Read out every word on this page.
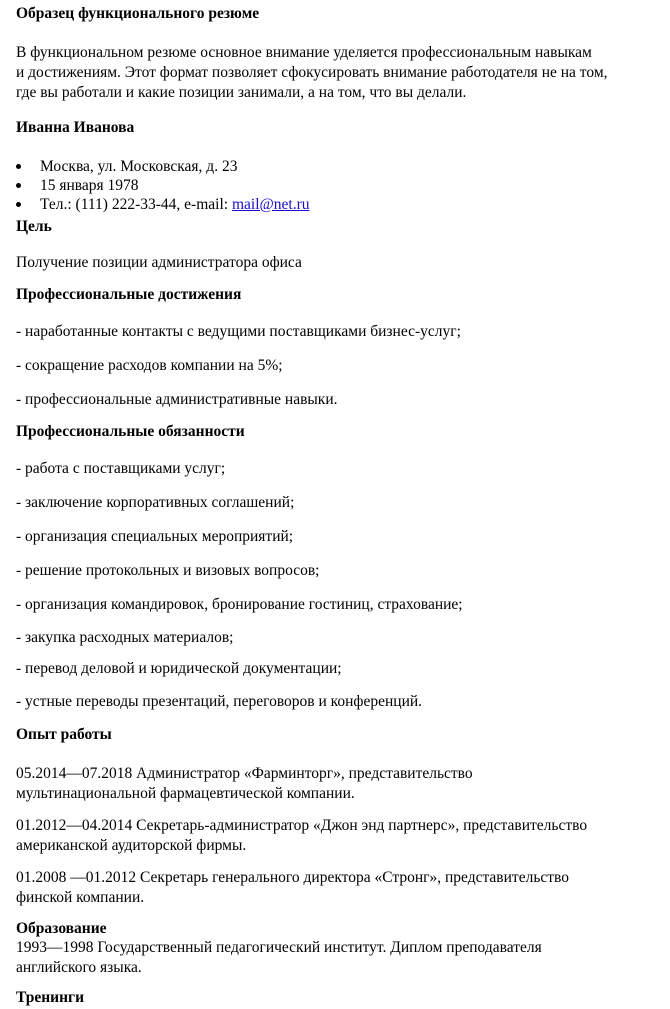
Образец функционального резюме

В функциональном резюме основное внимание уделяется профессиональным навыкам

и достижениям. Этот формат позволяет сфокусировать внимание работодателя не на том,

где вы работали и какие позиции занимали, а на том, что вы делали.

Иванна Иванова

Москва, ул. Московская, д. 23
15 января 1978
Тел.: (111) 222-33-44, e-mail: mail@net.ru

Цель

Получение позиции администратора офиса

Профессиональные достижения

- наработанные контакты с ведущими поставщиками бизнес-услуг;

- сокращение расходов компании на 5%;

- профессиональные административные навыки.

Профессиональные обязанности

- работа с поставщиками услуг;

- заключение корпоративных соглашений;

- организация специальных мероприятий;

- решение протокольных и визовых вопросов;

- организация командировок, бронирование гостиниц, страхование;

- закупка расходных материалов;

- перевод деловой и юридической документации;

- устные переводы презентаций, переговоров и конференций.

Опыт работы

05.2014—07.2018 Администратор «Фарминторг», представительство

мультинациональной фармацевтической компании.

01.2012—04.2014 Секретарь-администратор «Джон энд партнерс», представительство

американской аудиторской фирмы.

01.2008 —01.2012 Секретарь генерального директора «Стронг», представительство

финской компании.

Образование

1993—1998 Государственный педагогический институт. Диплом преподавателя

английского языка.

Тренинги
